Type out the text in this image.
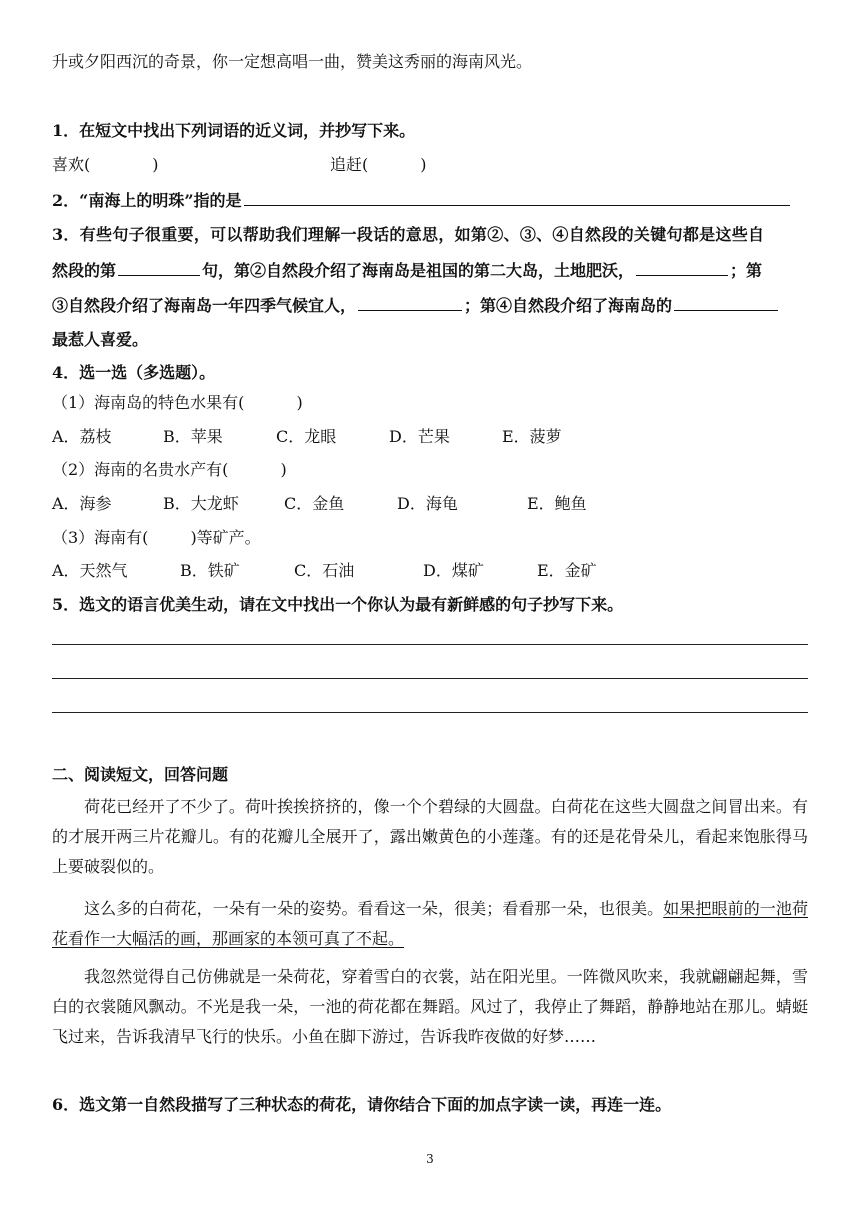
升或夕阳西沉的奇景，你一定想高唱一曲，赞美这秀丽的海南风光。
1．在短文中找出下列词语的近义词，并抄写下来。
喜欢(	)	追赶(	)
2．“南海上的明珠”指的是
3．有些句子很重要，可以帮助我们理解一段话的意思，如第②、③、④自然段的关键句都是这些自
然段的第	句，第②自然段介绍了海南岛是祖国的第二大岛，土地肥沃，	；第
③自然段介绍了海南岛一年四季气候宜人，	；第④自然段介绍了海南岛的
最惹人喜爱。
4．选一选（多选题）。
（1）海南岛的特色水果有(	)
A．荔枝	B．苹果	C．龙眼	D．芒果	E．菠萝
（2）海南的名贵水产有(	)
A．海参	B．大龙虾	C．金鱼	D．海龟	E．鲍鱼
（3）海南有(	)等矿产。
A．天然气	B．铁矿	C．石油	D．煤矿	E．金矿
5．选文的语言优美生动，请在文中找出一个你认为最有新鲜感的句子抄写下来。
二、阅读短文，回答问题

荷花已经开了不少了。荷叶挨挨挤挤的，像一个个碧绿的大圆盘。白荷花在这些大圆盘之间冒出来。有的才展开两三片花瓣儿。有的花瓣儿全展开了，露出嫩黄色的小莲蓬。有的还是花骨朵儿，看起来饱胀得马上要破裂似的。

这么多的白荷花，一朵有一朵的姿势。看看这一朵，很美；看看那一朵，也很美。如果把眼前的一池荷花看作一大幅活的画，那画家的本领可真了不起。

我忽然觉得自己仿佛就是一朵荷花，穿着雪白的衣裳，站在阳光里。一阵微风吹来，我就翩翩起舞，雪白的衣裳随风飘动。不光是我一朵，一池的荷花都在舞蹈。风过了，我停止了舞蹈，静静地站在那儿。蜻蜓飞过来，告诉我清早飞行的快乐。小鱼在脚下游过，告诉我昨夜做的好梦……

6．选文第一自然段描写了三种状态的荷花，请你结合下面的加点字读一读，再连一连。
3
